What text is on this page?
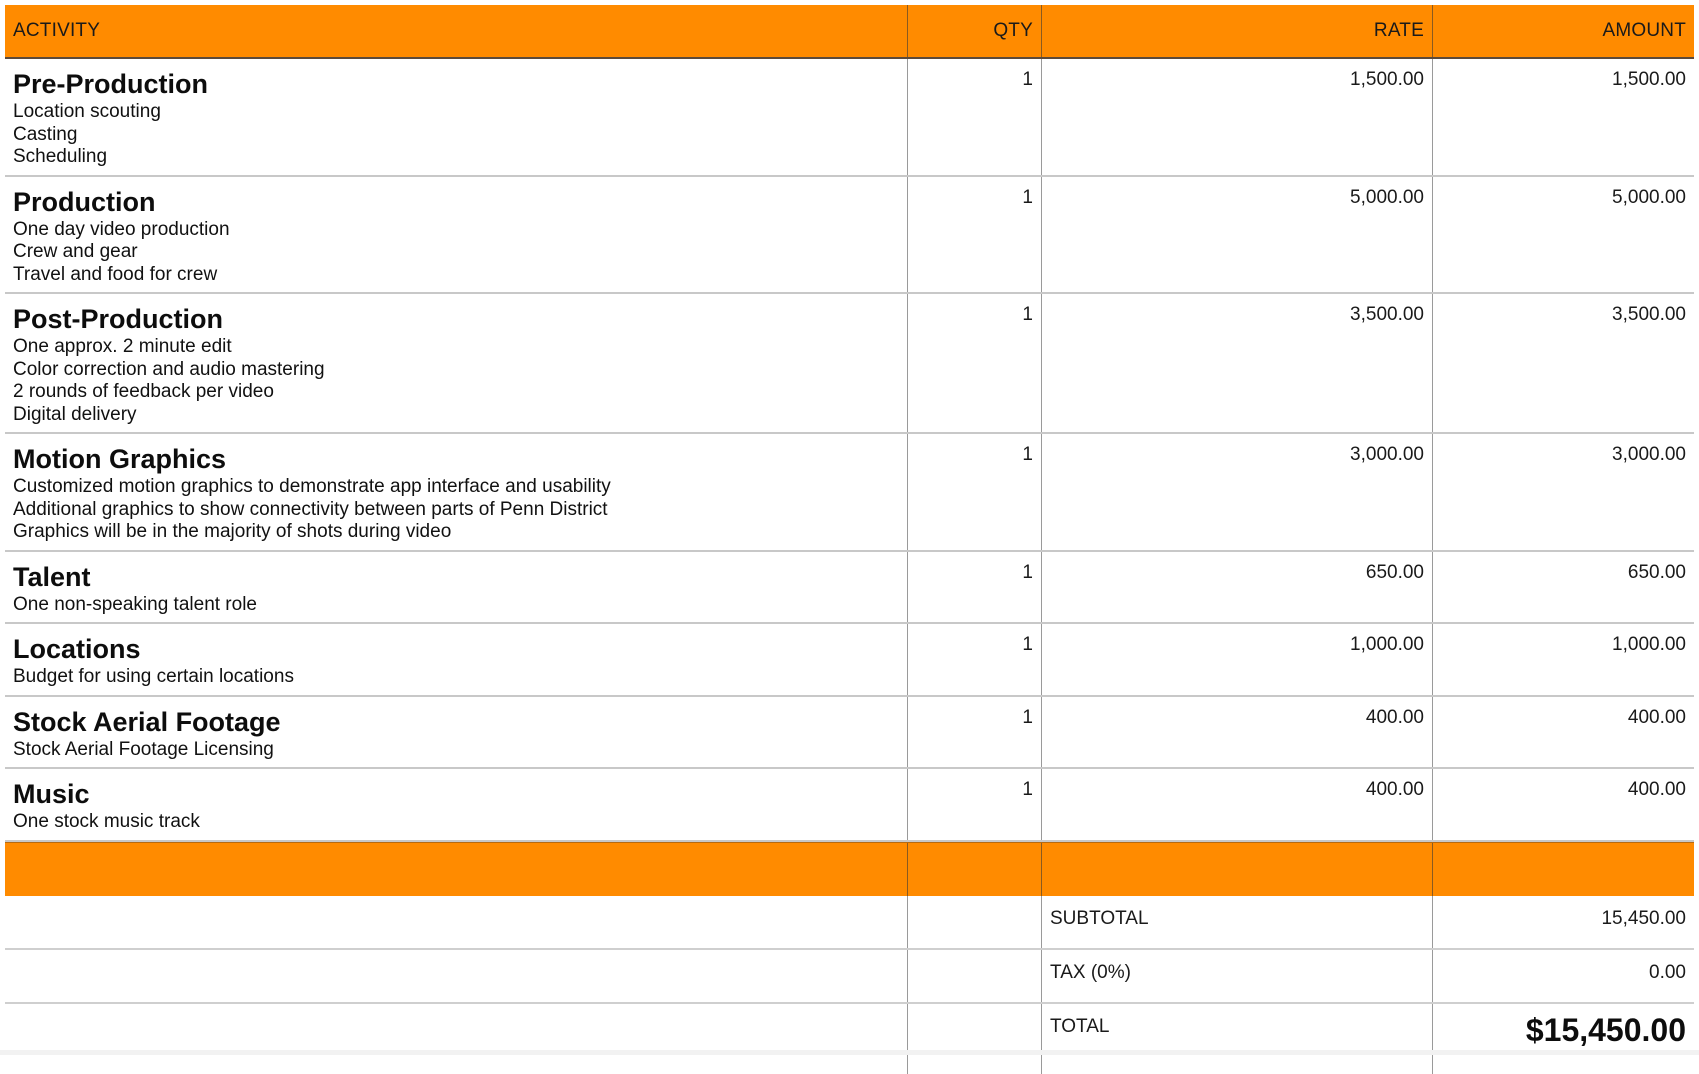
ACTIVITY	QTY	RATE	AMOUNT
Pre-Production
Location scouting
Casting
Scheduling
1	1,500.00	1,500.00
Production
One day video production
Crew and gear
Travel and food for crew
1	5,000.00	5,000.00
Post-Production
One approx. 2 minute edit
Color correction and audio mastering
2 rounds of feedback per video
Digital delivery
1	3,500.00	3,500.00
Motion Graphics
Customized motion graphics to demonstrate app interface and usability
Additional graphics to show connectivity between parts of Penn District
Graphics will be in the majority of shots during video
1	3,000.00	3,000.00
Talent
One non-speaking talent role
1	650.00	650.00
Locations
Budget for using certain locations
1	1,000.00	1,000.00
Stock Aerial Footage
Stock Aerial Footage Licensing
1	400.00	400.00
Music
One stock music track
1	400.00	400.00
SUBTOTAL	15,450.00
TAX (0%)	0.00
TOTAL	$15,450.00
